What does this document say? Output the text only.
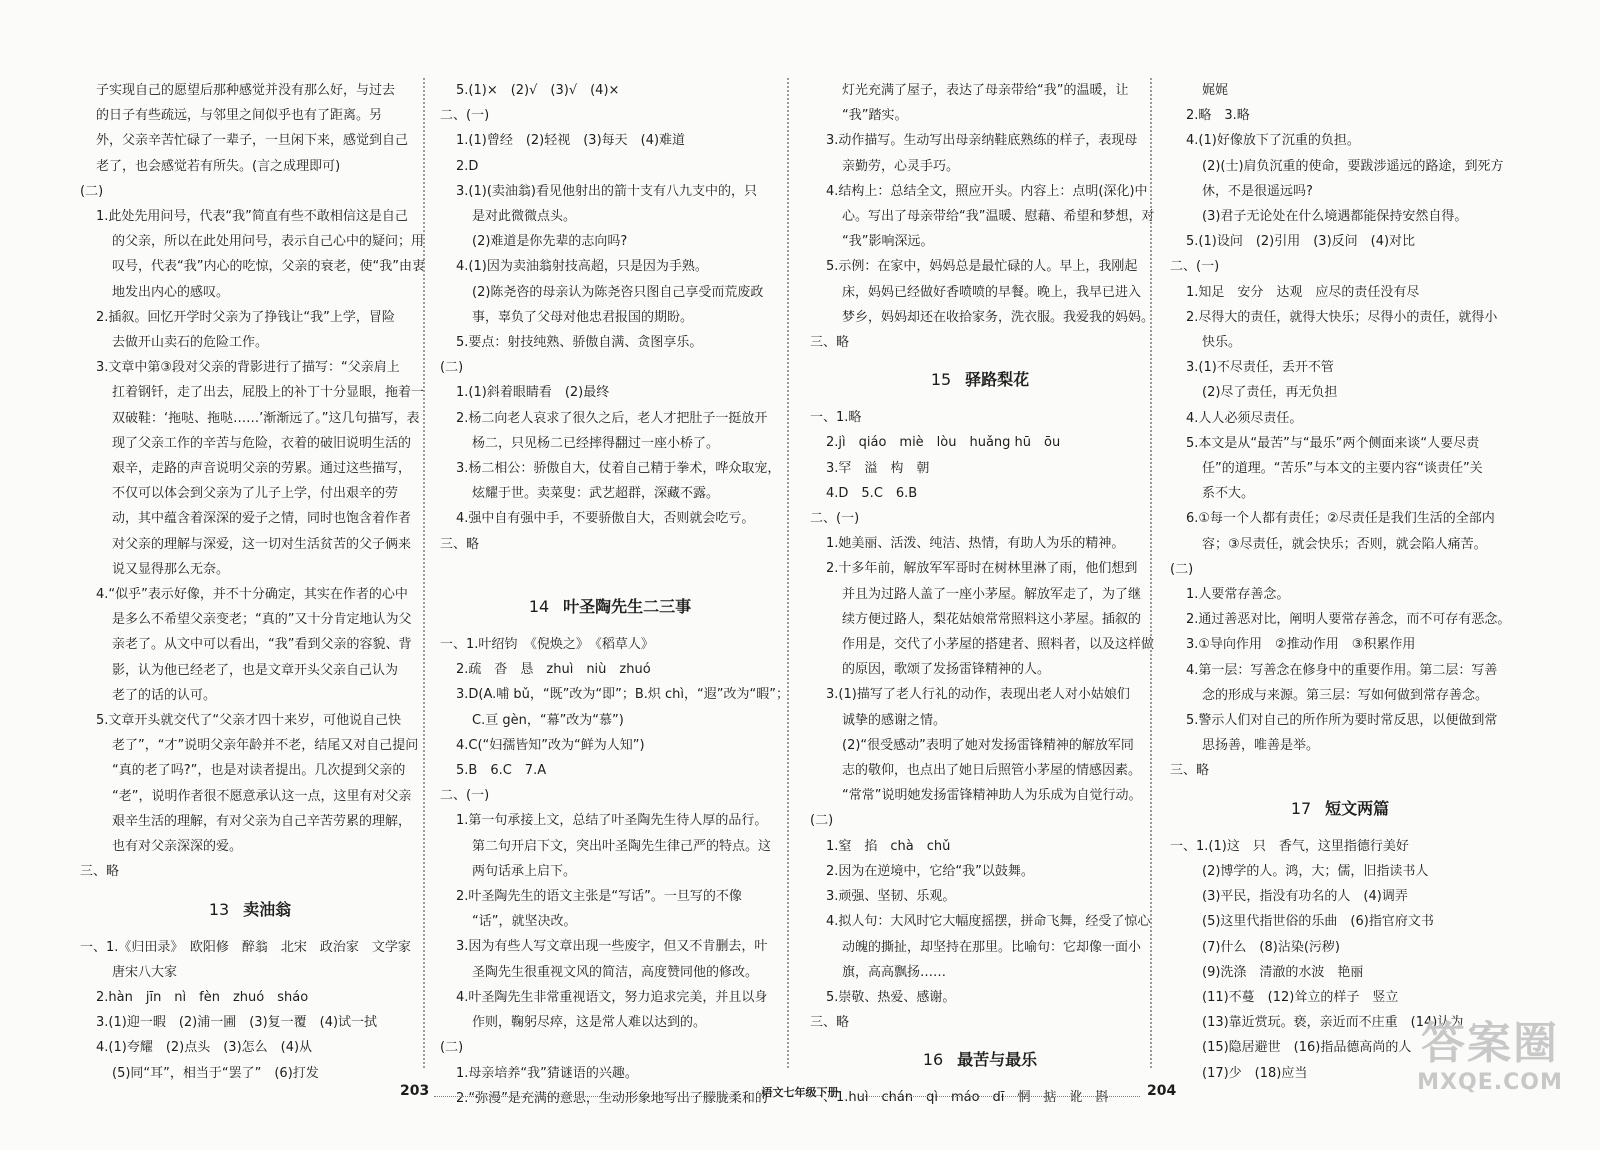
子实现自己的愿望后那种感觉并没有那么好，与过去
的日子有些疏远，与邻里之间似乎也有了距离。另
外，父亲辛苦忙碌了一辈子，一旦闲下来，感觉到自己
老了，也会感觉若有所失。(言之成理即可)
(二)
1.此处先用问号，代表“我”简直有些不敢相信这是自己
的父亲，所以在此处用问号，表示自己心中的疑问；用
叹号，代表“我”内心的吃惊，父亲的衰老，使“我”由衷
地发出内心的感叹。
2.插叙。回忆开学时父亲为了挣钱让“我”上学，冒险
去做开山卖石的危险工作。
3.文章中第③段对父亲的背影进行了描写：“父亲肩上
扛着钢钎，走了出去，屁股上的补丁十分显眼，拖着一
双破鞋：‘拖哒、拖哒……’渐渐远了。”这几句描写，表
现了父亲工作的辛苦与危险，衣着的破旧说明生活的
艰辛，走路的声音说明父亲的劳累。通过这些描写，
不仅可以体会到父亲为了儿子上学，付出艰辛的劳
动，其中蕴含着深深的爱子之情，同时也饱含着作者
对父亲的理解与深爱，这一切对生活贫苦的父子俩来
说又显得那么无奈。
4.“似乎”表示好像，并不十分确定，其实在作者的心中
是多么不希望父亲变老；“真的”又十分肯定地认为父
亲老了。从文中可以看出，“我”看到父亲的容貌、背
影，认为他已经老了，也是文章开头父亲自己认为
老了的话的认可。
5.文章开头就交代了“父亲才四十来岁，可他说自己快
老了”，“才”说明父亲年龄并不老，结尾又对自己提问
“真的老了吗?”，也是对读者提出。几次提到父亲的
“老”，说明作者很不愿意承认这一点，这里有对父亲
艰辛生活的理解，有对父亲为自己辛苦劳累的理解，
也有对父亲深深的爱。
三、略
13 卖油翁
一、1.《归田录》　欧阳修　醉翁　北宋　政治家　文学家
唐宋八大家
2.hàn　jīn　nì　fèn　zhuó　sháo
3.(1)迎一暇　(2)浦一圃　(3)复一覆　(4)试一拭
4.(1)夸耀　(2)点头　(3)怎么　(4)从
(5)同“耳”，相当于“罢了”　(6)打发
5.(1)×　(2)√　(3)√　(4)×
二、(一)
1.(1)曾经　(2)轻视　(3)每天　(4)难道
2.D
3.(1)(卖油翁)看见他射出的箭十支有八九支中的，只
是对此微微点头。
(2)难道是你先辈的志向吗?
4.(1)因为卖油翁射技高超，只是因为手熟。
(2)陈尧咨的母亲认为陈尧咨只图自己享受而荒废政
事，辜负了父母对他忠君报国的期盼。
5.要点：射技纯熟、骄傲自满、贪图享乐。
(二)
1.(1)斜着眼睛看　(2)最终
2.杨二向老人哀求了很久之后，老人才把肚子一挺放开
杨二，只见杨二已经摔得翻过一座小桥了。
3.杨二相公：骄傲自大，仗着自己精于拳术，哗众取宠，
炫耀于世。卖菜叟：武艺超群，深藏不露。
4.强中自有强中手，不要骄傲自大，否则就会吃亏。
三、略
14 叶圣陶先生二三事
一、1.叶绍钧　《倪焕之》　《稻草人》
2.疏　沓　恳　zhuì　niù　zhuó
3.D(A.哺 bǔ，“既”改为“即”；B.炽 chì，“遐”改为“暇”；
C.亘 gèn，“幕”改为“慕”)
4.C(“妇孺皆知”改为“鲜为人知”)
5.B　6.C　7.A
二、(一)
1.第一句承接上文，总结了叶圣陶先生待人厚的品行。
第二句开启下文，突出叶圣陶先生律己严的特点。这
两句话承上启下。
2.叶圣陶先生的语文主张是“写话”。一旦写的不像
“话”，就坚决改。
3.因为有些人写文章出现一些废字，但又不肯删去，叶
圣陶先生很重视文风的简洁，高度赞同他的修改。
4.叶圣陶先生非常重视语文，努力追求完美，并且以身
作则，鞠躬尽瘁，这是常人难以达到的。
(二)
1.母亲培养“我”猜谜语的兴趣。
2.“弥漫”是充满的意思，生动形象地写出了朦胧柔和的
灯光充满了屋子，表达了母亲带给“我”的温暖，让
“我”踏实。
3.动作描写。生动写出母亲纳鞋底熟练的样子，表现母
亲勤劳，心灵手巧。
4.结构上：总结全文，照应开头。内容上：点明(深化)中
心。写出了母亲带给“我”温暖、慰藉、希望和梦想，对
“我”影响深远。
5.示例：在家中，妈妈总是最忙碌的人。早上，我刚起
床，妈妈已经做好香喷喷的早餐。晚上，我早已进入
梦乡，妈妈却还在收拾家务，洗衣服。我爱我的妈妈。
三、略
15 驿路梨花
一、1.略
2.jì　qiáo　miè　lòu　huǎng hū　ōu
3.罕　溢　构　朝
4.D　5.C　6.B
二、(一)
1.她美丽、活泼、纯洁、热情，有助人为乐的精神。
2.十多年前，解放军军哥时在树林里淋了雨，他们想到
并且为过路人盖了一座小茅屋。解放军走了，为了继
续方便过路人，梨花姑娘常常照料这小茅屋。插叙的
作用是，交代了小茅屋的搭建者、照料者，以及这样做
的原因，歌颂了发扬雷锋精神的人。
3.(1)描写了老人行礼的动作，表现出老人对小姑娘们
诚挚的感谢之情。
(2)“很受感动”表明了她对发扬雷锋精神的解放军同
志的敬仰，也点出了她日后照管小茅屋的情感因素。
“常常”说明她发扬雷锋精神助人为乐成为自觉行动。
(二)
1.窒　掐　chà　chǔ
2.因为在逆境中，它给“我”以鼓舞。
3.顽强、坚韧、乐观。
4.拟人句：大风时它大幅度摇摆，拼命飞舞，经受了惊心
动魄的撕扯，却坚持在那里。比喻句：它却像一面小
旗，高高飘扬……
5.崇敬、热爱、感谢。
三、略
16 最苦与最乐
一、1.huì　chán　qì　máo　dī　惘　掂　讹　斟
娓娓
2.略　3.略
4.(1)好像放下了沉重的负担。
(2)(士)肩负沉重的使命，要跋涉遥远的路途，到死方
休，不是很遥远吗?
(3)君子无论处在什么境遇都能保持安然自得。
5.(1)设问　(2)引用　(3)反问　(4)对比
二、(一)
1.知足　安分　达观　应尽的责任没有尽
2.尽得大的责任，就得大快乐；尽得小的责任，就得小
快乐。
3.(1)不尽责任，丢开不管
(2)尽了责任，再无负担
4.人人必须尽责任。
5.本文是从“最苦”与“最乐”两个侧面来谈“人要尽责
任”的道理。“苦乐”与本文的主要内容“谈责任”关
系不大。
6.①每一个人都有责任；②尽责任是我们生活的全部内
容；③尽责任，就会快乐；否则，就会陷人痛苦。
(二)
1.人要常存善念。
2.通过善恶对比，阐明人要常存善念，而不可存有恶念。
3.①导向作用　②推动作用　③积累作用
4.第一层：写善念在修身中的重要作用。第二层：写善
念的形成与来源。第三层：写如何做到常存善念。
5.警示人们对自己的所作所为要时常反思，以便做到常
思扬善，唯善是举。
三、略
17 短文两篇
一、1.(1)这　只　香气，这里指德行美好
(2)博学的人。鸿，大；儒，旧指读书人
(3)平民，指没有功名的人　(4)调弄
(5)这里代指世俗的乐曲　(6)指官府文书
(7)什么　(8)沾染(污秽)
(9)洗涤　清澈的水波　艳丽
(11)不蔓　(12)耸立的样子　竖立
(13)靠近赏玩。亵，亲近而不庄重　(14)认为
(15)隐居避世　(16)指品德高尚的人
(17)少　(18)应当
203	语文七年级下册	204
答案圈
MXQE.COM
